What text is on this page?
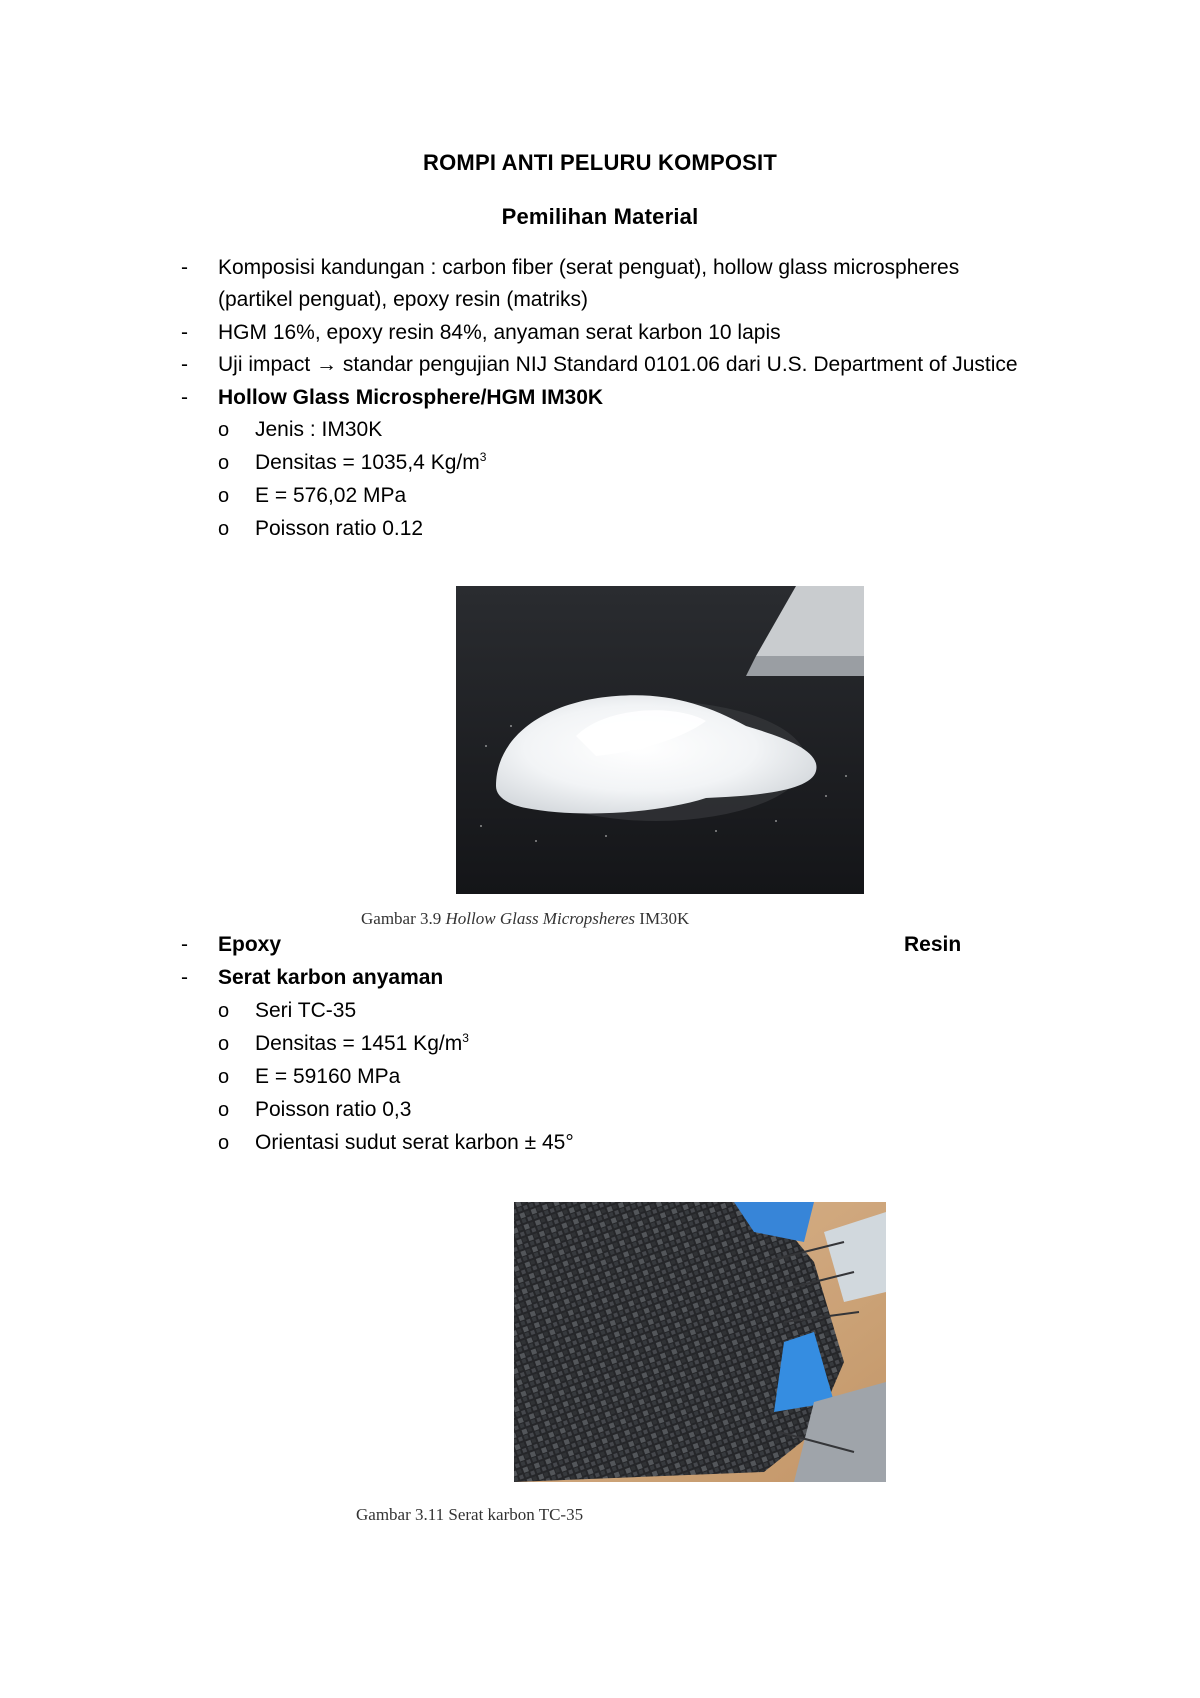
ROMPI ANTI PELURU KOMPOSIT
Pemilihan Material
- Komposisi kandungan : carbon fiber (serat penguat), hollow glass microspheres
(partikel penguat), epoxy resin (matriks)
- HGM 16%, epoxy resin 84%, anyaman serat karbon 10 lapis
- Uji impact → standar pengujian NIJ Standard 0101.06 dari U.S. Department of Justice
- Hollow Glass Microsphere/HGM IM30K
o Jenis : IM30K
o Densitas = 1035,4 $Kg/m^3$
o E = 576,02 MPa
o Poisson ratio 0.12
Gambar 3.9 Hollow Glass Micropsheres IM30K
- Epoxy	Resin
- Serat karbon anyaman
o Seri TC-35
o Densitas = 1451 $Kg/m^3$
o E = 59160 MPa
o Poisson ratio 0,3
o Orientasi sudut serat karbon ± 45°
Gambar 3.11 Serat karbon TC-35
